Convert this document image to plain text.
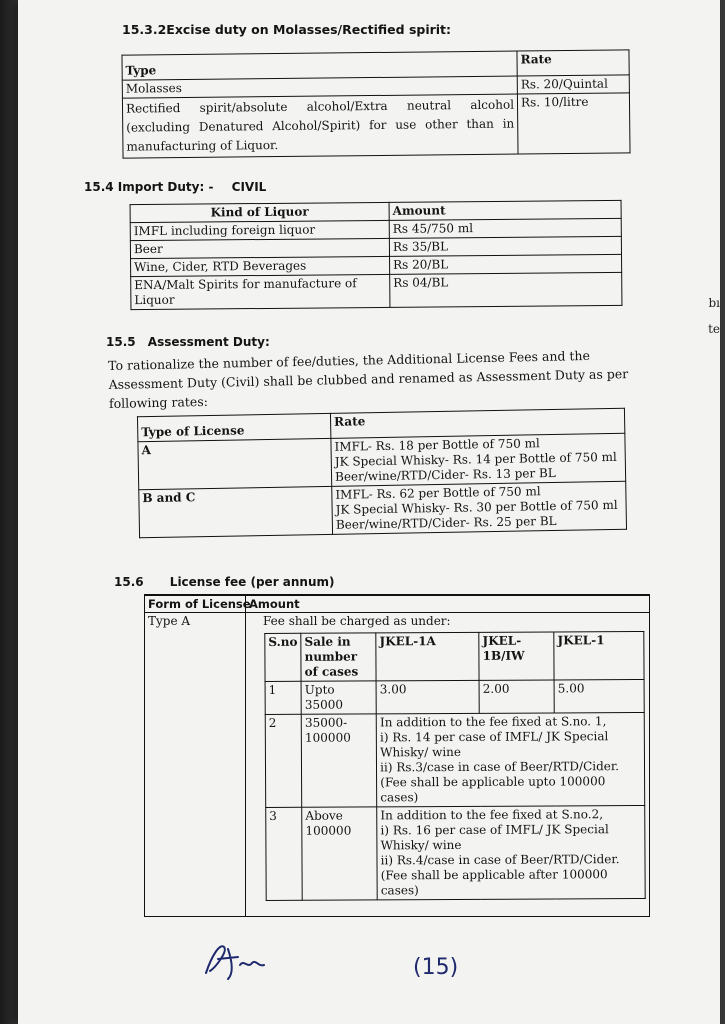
15.3.2Excise duty on Molasses/Rectified spirit:
Type	Rate
Molasses	Rs. 20/Quintal
Rectified spirit/absolute alcohol/Extra neutral alcohol (excluding Denatured Alcohol/Spirit) for use other than in manufacturing of Liquor.	Rs. 10/litre
15.4 Import Duty: - CIVIL
Kind of Liquor	Amount
IMFL including foreign liquor	Rs 45/750 ml
Beer	Rs 35/BL
Wine, Cider, RTD Beverages	Rs 20/BL
ENA/Malt Spirits for manufacture of Liquor	Rs 04/BL
15.5 Assessment Duty:
To rationalize the number of fee/duties, the Additional License Fees and the Assessment Duty (Civil) shall be clubbed and renamed as Assessment Duty as per following rates:
Type of License	Rate
A	IMFL- Rs. 18 per Bottle of 750 ml
JK Special Whisky- Rs. 14 per Bottle of 750 ml
Beer/wine/RTD/Cider- Rs. 13 per BL

B and C	IMFL- Rs. 62 per Bottle of 750 ml
JK Special Whisky- Rs. 30 per Bottle of 750 ml
Beer/wine/RTD/Cider- Rs. 25 per BL
15.6 License fee (per annum)
Form of License
Amount
Type A	Fee shall be charged as under:
S.no	Sale in number of cases	JKEL-1A	JKEL-1B/IW	JKEL-1
1	Upto 35000	3.00	2.00	5.00
2	35000-100000	In addition to the fee fixed at S.no. 1,
i) Rs. 14 per case of IMFL/ JK Special Whisky/ wine
ii) Rs.3/case in case of Beer/RTD/Cider.
(Fee shall be applicable upto 100000 cases)		

3	Above 100000	In addition to the fee fixed at S.no.2,
i) Rs. 16 per case of IMFL/ JK Special Whisky/ wine
ii) Rs.4/case in case of Beer/RTD/Cider.
(Fee shall be applicable after 100000 cases)		
(15)
bı
te
